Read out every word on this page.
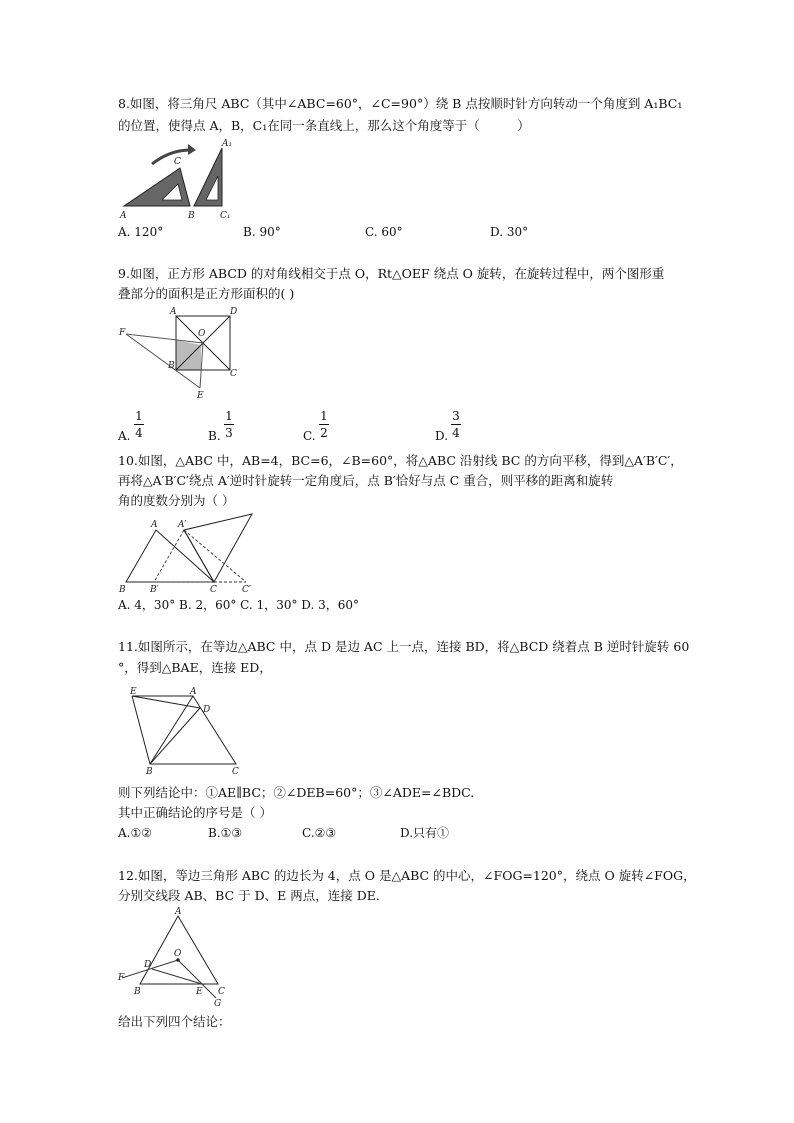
8.如图，将三角尺 ABC（其中∠ABC=60°，∠C=90°）绕 B 点按顺时针方向转动一个角度到 A₁BC₁
的位置，使得点 A，B，C₁在同一条直线上，那么这个角度等于（　　　）
A	B
C
A₁
C₁
A. 120°	B. 90°	C. 60°	D. 30°
9.如图，正方形 ABCD 的对角线相交于点 O，Rt△OEF 绕点 O 旋转，在旋转过程中，两个图形重
叠部分的面积是正方形面积的( )
A	D
O
F
B
C
E
A.
1
4	B.
1
3	C.
1
2	D.
3
4
10.如图，△ABC 中，AB=4，BC=6，∠B=60°，将△ABC 沿射线 BC 的方向平移，得到△A′B′C′，
再将△A′B′C′绕点 A′逆时针旋转一定角度后，点 B′恰好与点 C 重合，则平移的距离和旋转
角的度数分别为（ ）
A A′
B	B′	C	C′
A. 4，30° B. 2，60° C. 1，30° D. 3，60°
11.如图所示，在等边△ABC 中，点 D 是边 AC 上一点，连接 BD，将△BCD 绕着点 B 逆时针旋转 60
°，得到△BAE，连接 ED，
E	A
D
B	C
则下列结论中：①AE∥BC；②∠DEB=60°；③∠ADE=∠BDC.
其中正确结论的序号是（ ）
A.①②	B.①③	C.②③	D.只有①
12.如图，等边三角形 ABC 的边长为 4，点 O 是△ABC 的中心，∠FOG=120°，绕点 O 旋转∠FOG，
分别交线段 AB、BC 于 D、E 两点，连接 DE.
A
O
F
D
B	E C
G
给出下列四个结论：
